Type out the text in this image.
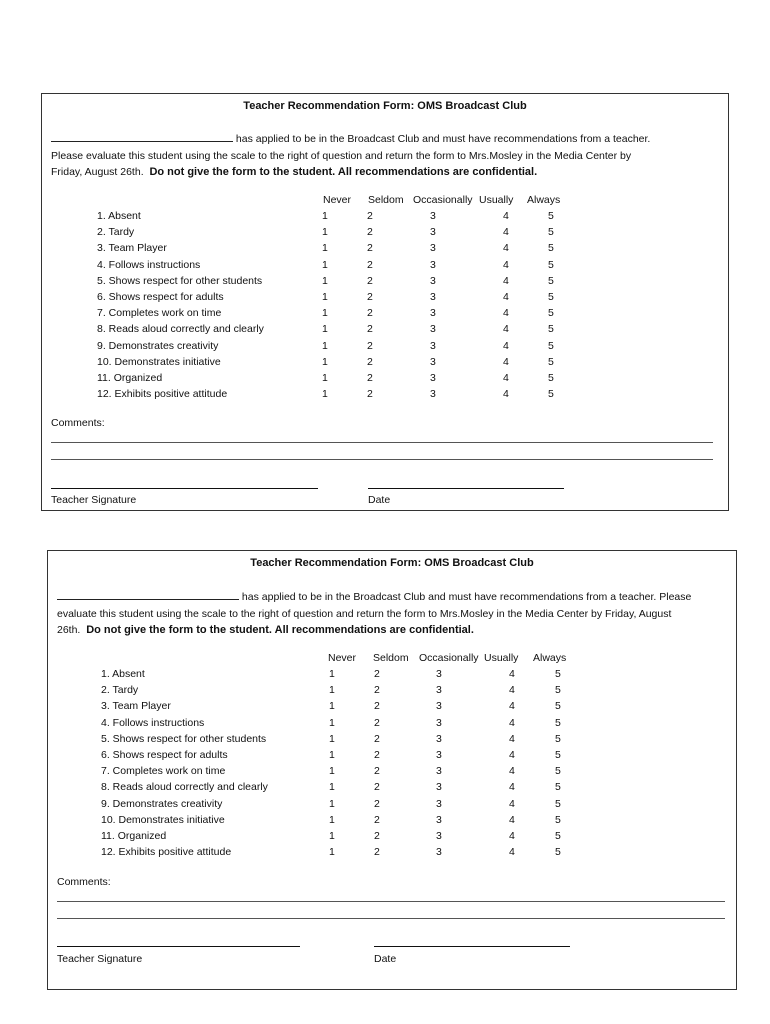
Teacher Recommendation Form: OMS Broadcast Club
has applied to be in the Broadcast Club and must have recommendations from a teacher.
Please evaluate this student using the scale to the right of question and return the form to Mrs.Mosley in the Media Center by
Friday, August 26th. Do not give the form to the student. All recommendations are confidential.
Never Seldom Occasionally Usually Always
Comments:
Teacher Signature	Date
1. Absent	1	2	3	4	5
2. Tardy	1	2	3	4	5
3. Team Player	1	2	3	4	5
4. Follows instructions	1	2	3	4	5
5. Shows respect for other students	1	2	3	4	5
6. Shows respect for adults	1	2	3	4	5
7. Completes work on time	1	2	3	4	5
8. Reads aloud correctly and clearly	1	2	3	4	5
9. Demonstrates creativity	1	2	3	4	5
10. Demonstrates initiative	1	2	3	4	5
11. Organized	1	2	3	4	5
12. Exhibits positive attitude	1	2	3	4	5
Teacher Recommendation Form: OMS Broadcast Club
has applied to be in the Broadcast Club and must have recommendations from a teacher. Please
evaluate this student using the scale to the right of question and return the form to Mrs.Mosley in the Media Center by Friday, August
26th. Do not give the form to the student. All recommendations are confidential.
Never Seldom Occasionally Usually Always
Comments:
Teacher Signature	Date
1. Absent	1	2	3	4	5
2. Tardy	1	2	3	4	5
3. Team Player	1	2	3	4	5
4. Follows instructions	1	2	3	4	5
5. Shows respect for other students	1	2	3	4	5
6. Shows respect for adults	1	2	3	4	5
7. Completes work on time	1	2	3	4	5
8. Reads aloud correctly and clearly	1	2	3	4	5
9. Demonstrates creativity	1	2	3	4	5
10. Demonstrates initiative	1	2	3	4	5
11. Organized	1	2	3	4	5
12. Exhibits positive attitude	1	2	3	4	5
